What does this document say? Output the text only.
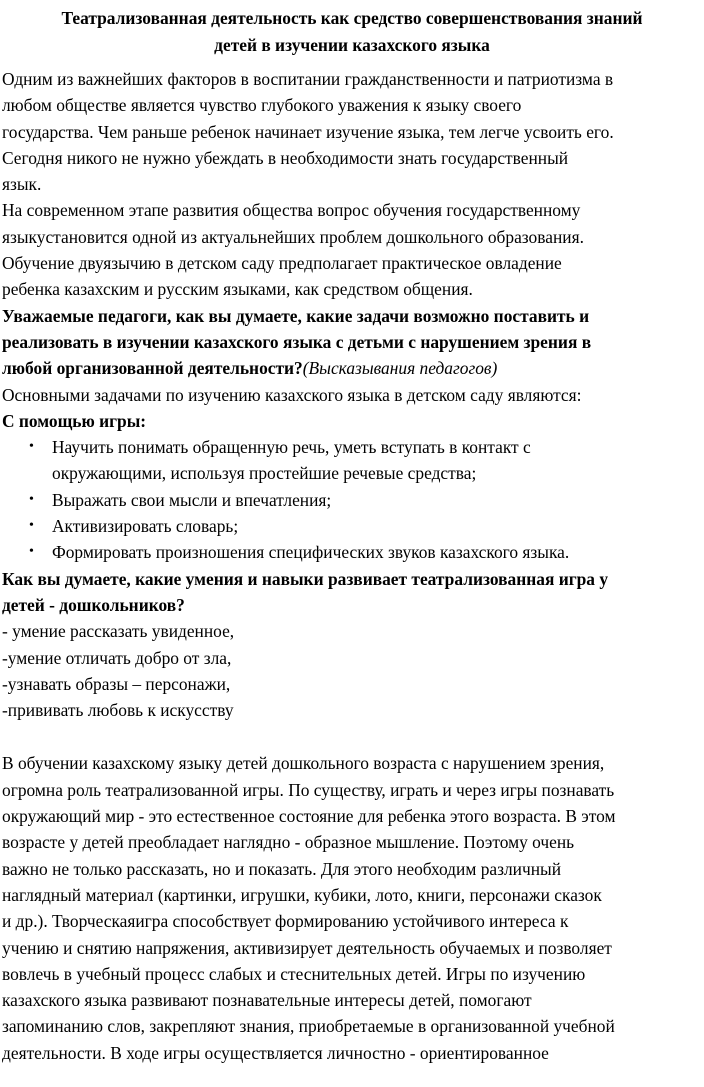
Театрализованная деятельность как средство совершенствования знаний
детей в изучении казахского языка
Одним из важнейших факторов в воспитании гражданственности и патриотизма в
любом обществе является чувство глубокого уважения к языку своего
государства. Чем раньше ребенок начинает изучение языка, тем легче усвоить его.
Сегодня никого не нужно убеждать в необходимости знать государственный
язык.
На современном этапе развития общества вопрос обучения государственному
языкустановится одной из актуальнейших проблем дошкольного образования.
Обучение двуязычию в детском саду предполагает практическое овладение
ребенка казахским и русским языками, как средством общения.
Уважаемые педагоги, как вы думаете, какие задачи возможно поставить и
реализовать в изучении казахского языка с детьми с нарушением зрения в
любой организованной деятельности?(Высказывания педагогов)
Основными задачами по изучению казахского языка в детском саду являются:
С помощью игры:
• Научить понимать обращенную речь, уметь вступать в контакт с
окружающими, используя простейшие речевые средства;
• Выражать свои мысли и впечатления;
• Активизировать словарь;
• Формировать произношения специфических звуков казахского языка.
Как вы думаете, какие умения и навыки развивает театрализованная игра у
детей - дошкольников?
- умение рассказать увиденное,
-умение отличать добро от зла,
-узнавать образы – персонажи,
-прививать любовь к искусству
В обучении казахскому языку детей дошкольного возраста с нарушением зрения,
огромна роль театрализованной игры. По существу, играть и через игры познавать
окружающий мир - это естественное состояние для ребенка этого возраста. В этом
возрасте у детей преобладает наглядно - образное мышление. Поэтому очень
важно не только рассказать, но и показать. Для этого необходим различный
наглядный материал (картинки, игрушки, кубики, лото, книги, персонажи сказок
и др.). Творческаяигра способствует формированию устойчивого интереса к
учению и снятию напряжения, активизирует деятельность обучаемых и позволяет
вовлечь в учебный процесс слабых и стеснительных детей. Игры по изучению
казахского языка развивают познавательные интересы детей, помогают
запоминанию слов, закрепляют знания, приобретаемые в организованной учебной
деятельности. В ходе игры осуществляется личностно - ориентированное
